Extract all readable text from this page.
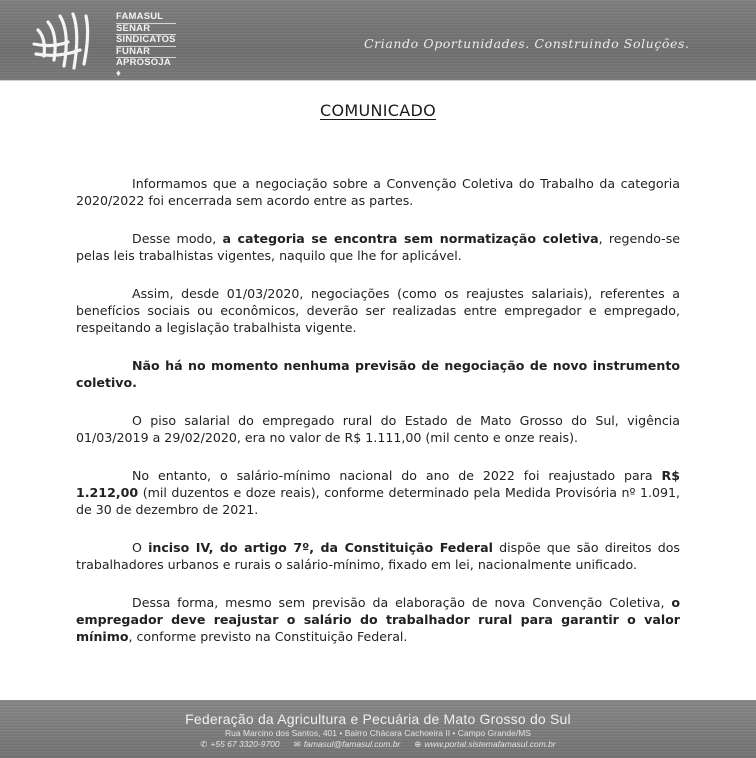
FAMASUL
SENAR
SINDICATOS
FUNAR
APROSOJA ♦
Criando Oportunidades. Construindo Soluções.
COMUNICADO

Informamos que a negociação sobre a Convenção Coletiva do Trabalho da categoria 2020/2022 foi encerrada sem acordo entre as partes.

Desse modo, a categoria se encontra sem normatização coletiva, regendo-se pelas leis trabalhistas vigentes, naquilo que lhe for aplicável.

Assim, desde 01/03/2020, negociações (como os reajustes salariais), referentes a benefícios sociais ou econômicos, deverão ser realizadas entre empregador e empregado, respeitando a legislação trabalhista vigente.

Não há no momento nenhuma previsão de negociação de novo instrumento coletivo.

O piso salarial do empregado rural do Estado de Mato Grosso do Sul, vigência 01/03/2019 a 29/02/2020, era no valor de R$ 1.111,00 (mil cento e onze reais).

No entanto, o salário-mínimo nacional do ano de 2022 foi reajustado para R$ 1.212,00 (mil duzentos e doze reais), conforme determinado pela Medida Provisória nº 1.091, de 30 de dezembro de 2021.

O inciso IV, do artigo 7º, da Constituição Federal dispõe que são direitos dos trabalhadores urbanos e rurais o salário-mínimo, fixado em lei, nacionalmente unificado.

Dessa forma, mesmo sem previsão da elaboração de nova Convenção Coletiva, o empregador deve reajustar o salário do trabalhador rural para garantir o valor mínimo, conforme previsto na Constituição Federal.

Federação da Agricultura e Pecuária de Mato Grosso do Sul
Rua Marcino dos Santos, 401 • Bairro Chácara Cachoeira II • Campo Grande/MS
✆ +55 67 3320-9700 ✉ famasul@famasul.com.br ⊕ www.portal.sistemafamasul.com.br
